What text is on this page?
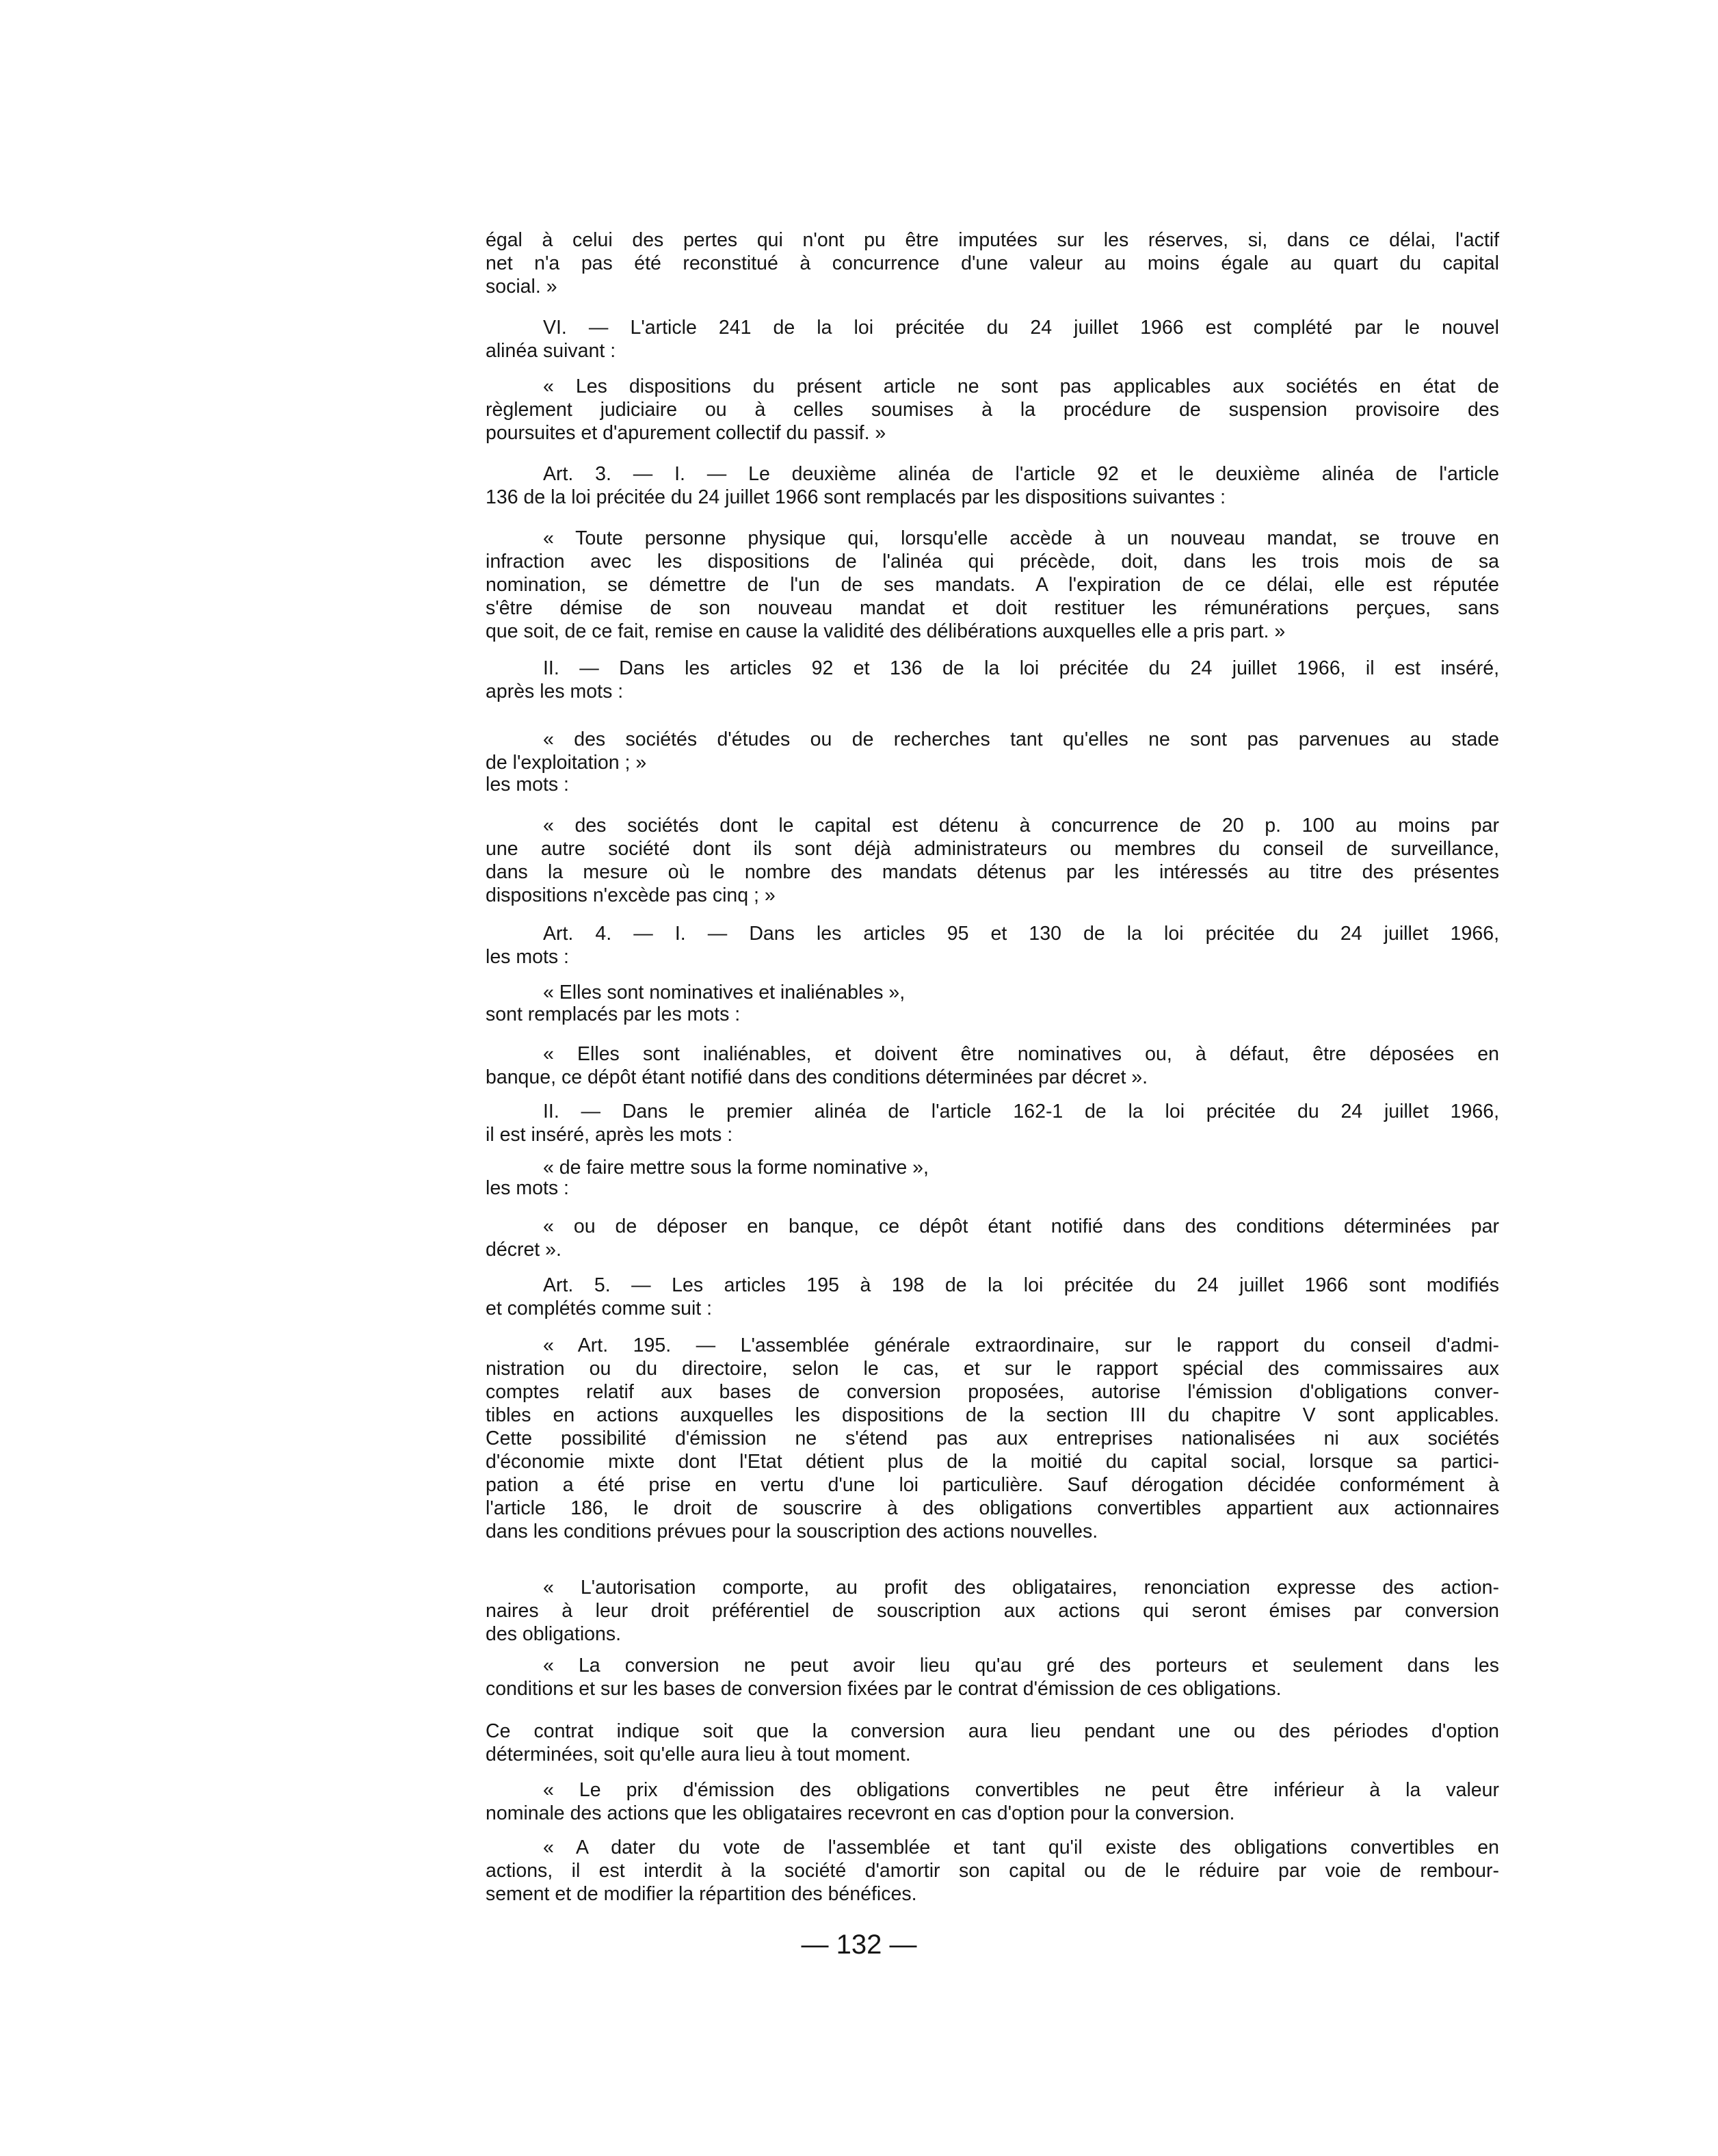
égal à celui des pertes qui n'ont pu être imputées sur les réserves, si, dans ce délai, l'actif
net n'a pas été reconstitué à concurrence d'une valeur au moins égale au quart du capital
social. »
VI. — L'article 241 de la loi précitée du 24 juillet 1966 est complété par le nouvel
alinéa suivant :
« Les dispositions du présent article ne sont pas applicables aux sociétés en état de
règlement judiciaire ou à celles soumises à la procédure de suspension provisoire des
poursuites et d'apurement collectif du passif. »
Art. 3. — I. — Le deuxième alinéa de l'article 92 et le deuxième alinéa de l'article
136 de la loi précitée du 24 juillet 1966 sont remplacés par les dispositions suivantes :
« Toute personne physique qui, lorsqu'elle accède à un nouveau mandat, se trouve en
infraction avec les dispositions de l'alinéa qui précède, doit, dans les trois mois de sa
nomination, se démettre de l'un de ses mandats. A l'expiration de ce délai, elle est réputée
s'être démise de son nouveau mandat et doit restituer les rémunérations perçues, sans
que soit, de ce fait, remise en cause la validité des délibérations auxquelles elle a pris part. »
II. — Dans les articles 92 et 136 de la loi précitée du 24 juillet 1966, il est inséré,
après les mots :
« des sociétés d'études ou de recherches tant qu'elles ne sont pas parvenues au stade
de l'exploitation ; »
les mots :
« des sociétés dont le capital est détenu à concurrence de 20 p. 100 au moins par
une autre société dont ils sont déjà administrateurs ou membres du conseil de surveillance,
dans la mesure où le nombre des mandats détenus par les intéressés au titre des présentes
dispositions n'excède pas cinq ; »
Art. 4. — I. — Dans les articles 95 et 130 de la loi précitée du 24 juillet 1966,
les mots :
« Elles sont nominatives et inaliénables »,
sont remplacés par les mots :
« Elles sont inaliénables, et doivent être nominatives ou, à défaut, être déposées en
banque, ce dépôt étant notifié dans des conditions déterminées par décret ».
II. — Dans le premier alinéa de l'article 162-1 de la loi précitée du 24 juillet 1966,
il est inséré, après les mots :
« de faire mettre sous la forme nominative »,
les mots :
« ou de déposer en banque, ce dépôt étant notifié dans des conditions déterminées par
décret ».
Art. 5. — Les articles 195 à 198 de la loi précitée du 24 juillet 1966 sont modifiés
et complétés comme suit :
« Art. 195. — L'assemblée générale extraordinaire, sur le rapport du conseil d'admi-
nistration ou du directoire, selon le cas, et sur le rapport spécial des commissaires aux
comptes relatif aux bases de conversion proposées, autorise l'émission d'obligations conver-
tibles en actions auxquelles les dispositions de la section III du chapitre V sont applicables.
Cette possibilité d'émission ne s'étend pas aux entreprises nationalisées ni aux sociétés
d'économie mixte dont l'Etat détient plus de la moitié du capital social, lorsque sa partici-
pation a été prise en vertu d'une loi particulière. Sauf dérogation décidée conformément à
l'article 186, le droit de souscrire à des obligations convertibles appartient aux actionnaires
dans les conditions prévues pour la souscription des actions nouvelles.
« L'autorisation comporte, au profit des obligataires, renonciation expresse des action-
naires à leur droit préférentiel de souscription aux actions qui seront émises par conversion
des obligations.
« La conversion ne peut avoir lieu qu'au gré des porteurs et seulement dans les
conditions et sur les bases de conversion fixées par le contrat d'émission de ces obligations.
Ce contrat indique soit que la conversion aura lieu pendant une ou des périodes d'option
déterminées, soit qu'elle aura lieu à tout moment.
« Le prix d'émission des obligations convertibles ne peut être inférieur à la valeur
nominale des actions que les obligataires recevront en cas d'option pour la conversion.
« A dater du vote de l'assemblée et tant qu'il existe des obligations convertibles en
actions, il est interdit à la société d'amortir son capital ou de le réduire par voie de rembour-
sement et de modifier la répartition des bénéfices.
— 132 —
